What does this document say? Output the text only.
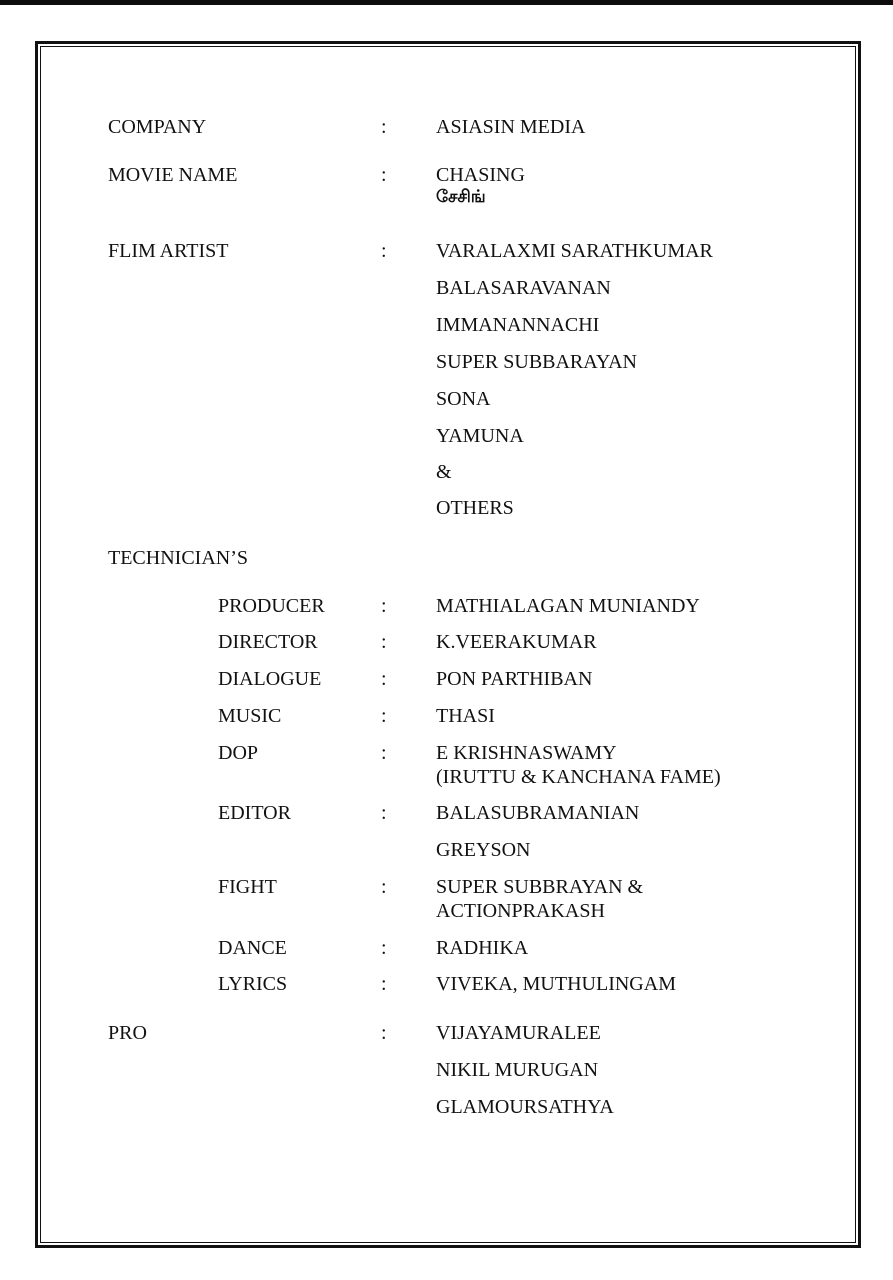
COMPANY	: ASIASIN MEDIA
MOVIE NAME	: CHASING
சேசிங்
FLIM ARTIST	: VARALAXMI SARATHKUMAR
BALASARAVANAN
IMMANANNACHI
SUPER SUBBARAYAN
SONA
YAMUNA
&
OTHERS
TECHNICIAN’S
PRODUCER	: MATHIALAGAN MUNIANDY
DIRECTOR	: K.VEERAKUMAR
DIALOGUE	: PON PARTHIBAN
MUSIC	: THASI
DOP	: E KRISHNASWAMY
(IRUTTU & KANCHANA FAME)
EDITOR	: BALASUBRAMANIAN
GREYSON
FIGHT	: SUPER SUBBRAYAN &
ACTIONPRAKASH
DANCE	: RADHIKA
LYRICS	: VIVEKA, MUTHULINGAM
PRO	: VIJAYAMURALEE
NIKIL MURUGAN
GLAMOURSATHYA
